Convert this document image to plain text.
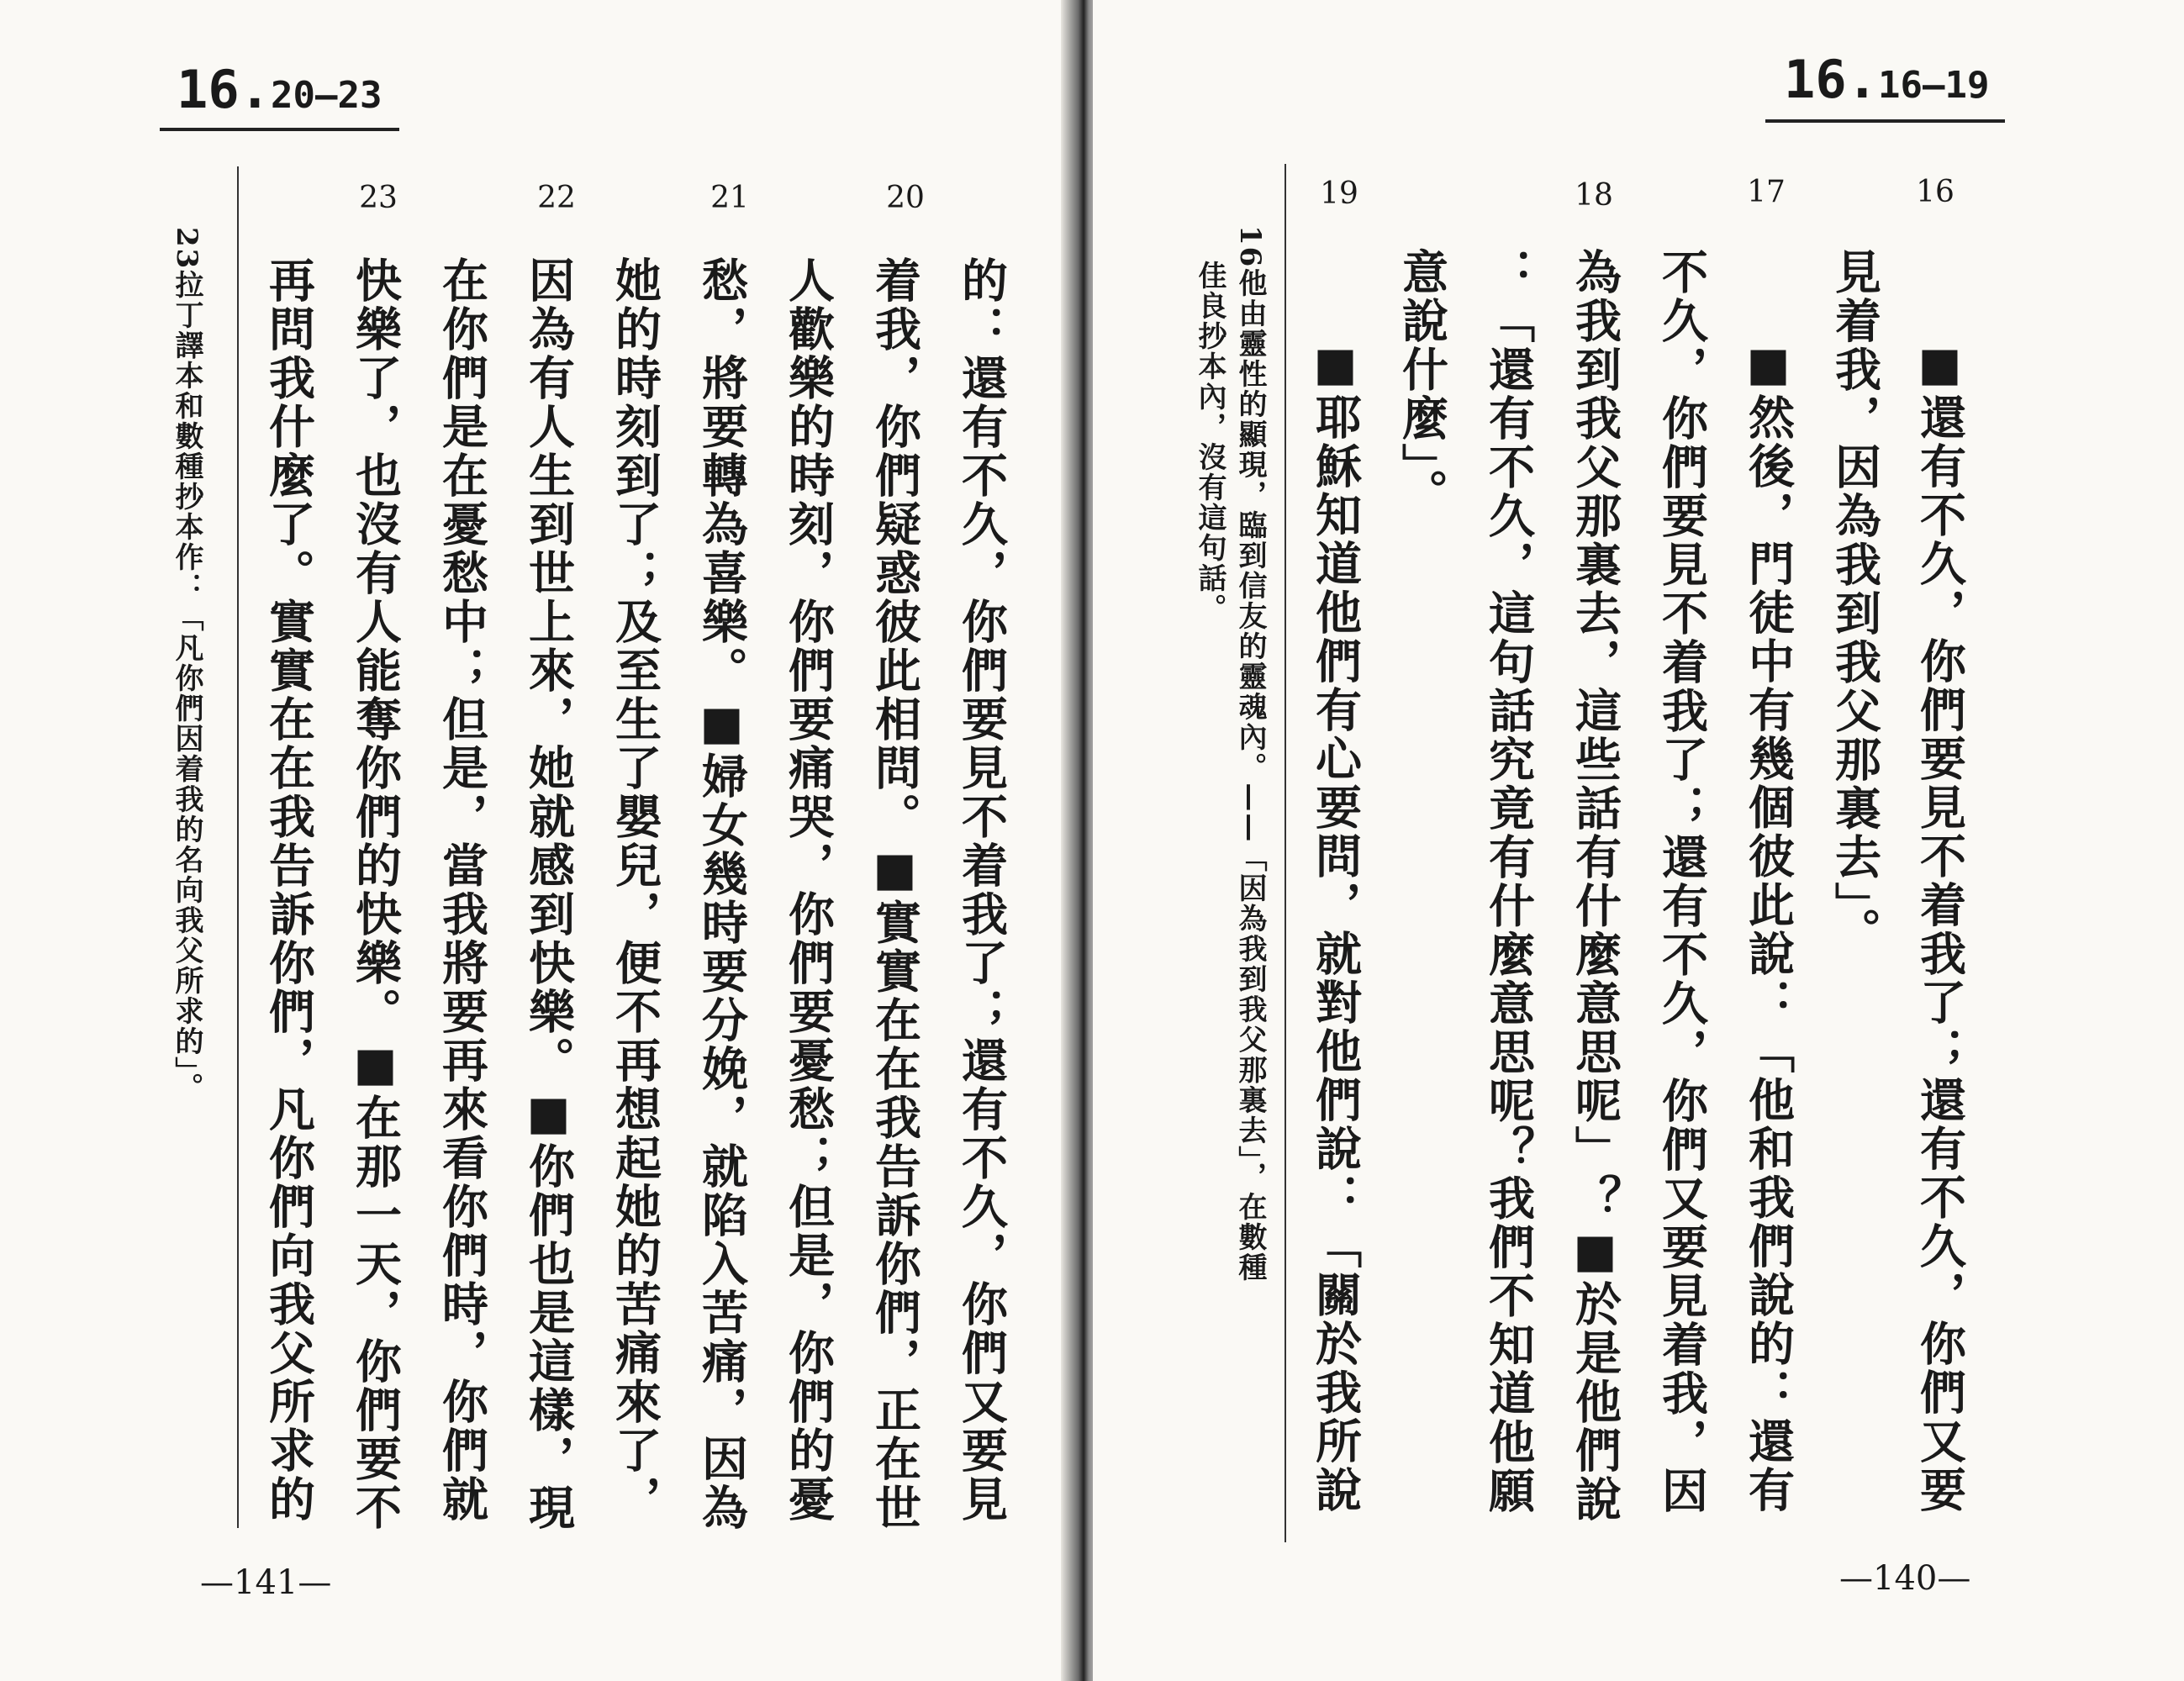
16.20—23
20
21
22
23
的：還有不久，你們要見不着我了；還有不久，你們又要見
着我，你們疑惑彼此相問。■實實在在我告訴你們，正在世
人歡樂的時刻，你們要痛哭，你們要憂愁；但是，你們的憂
愁，將要轉為喜樂。■婦女幾時要分娩，就陷入苦痛，因為
她的時刻到了；及至生了嬰兒，便不再想起她的苦痛來了，
因為有人生到世上來，她就感到快樂。■你們也是這樣，現
在你們是在憂愁中；但是，當我將要再來看你們時，你們就
快樂了，也沒有人能奪你們的快樂。■在那一天，你們要不
再問我什麼了。實實在在我告訴你們，凡你們向我父所求的
23拉丁譯本和數種抄本作：「凡你們因着我的名向我父所求的」。
—141—
16.16—19
16
17
18
19
■還有不久，你們要見不着我了；還有不久，你們又要
見着我，因為我到我父那裏去」。
■然後，門徒中有幾個彼此說：「他和我們說的：還有
不久，你們要見不着我了；還有不久，你們又要見着我，因
為我到我父那裏去，這些話有什麼意思呢」？■於是他們說
：「還有不久，這句話究竟有什麼意思呢？我們不知道他願
意說什麼」。
■耶穌知道他們有心要問，就對他們說：「關於我所說
16他由靈性的顯現，臨到信友的靈魂內。——「因為我到我父那裏去」，在數種
佳良抄本內，沒有這句話。
—140—
